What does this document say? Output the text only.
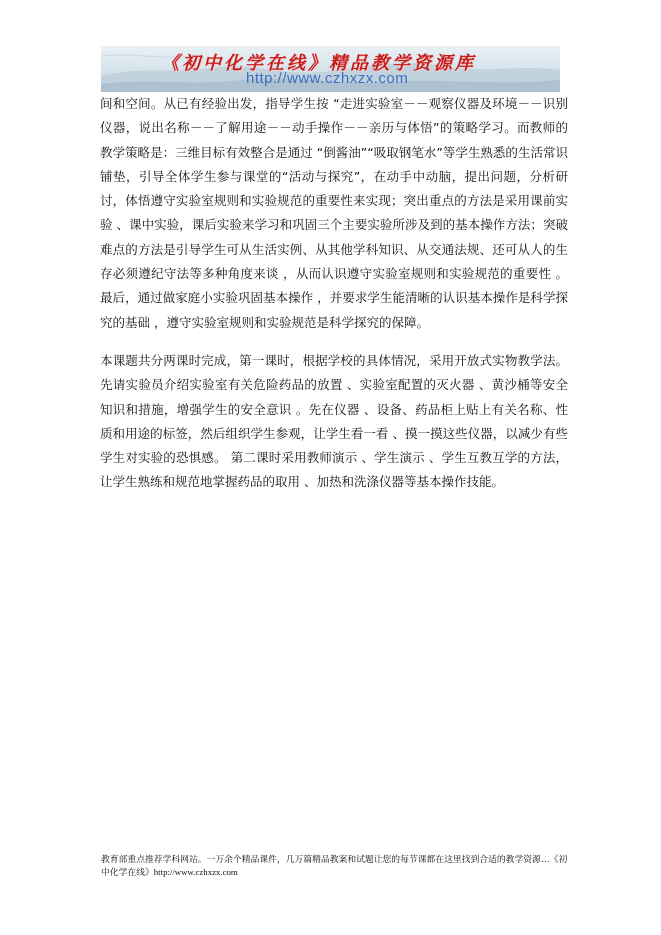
《初中化学在线》精品教学资源库
http://www.czhxzx.com

间和空间。从已有经验出发，指导学生按 “走进实验室－－观察仪器及环境－－识别仪器，说出名称－－了解用途－－动手操作－－亲历与体悟”的策略学习。而教师的教学策略是：三维目标有效整合是通过 “倒酱油”“吸取钢笔水”等学生熟悉的生活常识铺垫，引导全体学生参与课堂的“活动与探究”，在动手中动脑，提出问题，分析研讨，体悟遵守实验室规则和实验规范的重要性来实现；突出重点的方法是采用课前实验 、课中实验，课后实验来学习和巩固三个主要实验所涉及到的基本操作方法；突破难点的方法是引导学生可从生活实例、从其他学科知识、从交通法规、还可从人的生存必须遵纪守法等多种角度来谈 ，从而认识遵守实验室规则和实验规范的重要性 。最后，通过做家庭小实验巩固基本操作 ，并要求学生能清晰的认识基本操作是科学探究的基础 ，遵守实验室规则和实验规范是科学探究的保障。

本课题共分两课时完成，第一课时，根据学校的具体情况，采用开放式实物教学法。先请实验员介绍实验室有关危险药品的放置 、实验室配置的灭火器 、黄沙桶等安全知识和措施，增强学生的安全意识 。先在仪器 、设备、药品柜上贴上有关名称、性质和用途的标签，然后组织学生参观，让学生看一看 、摸一摸这些仪器，以减少有些学生对实验的恐惧感。 第二课时采用教师演示 、学生演示 、学生互教互学的方法，让学生熟练和规范地掌握药品的取用 、加热和洗涤仪器等基本操作技能。

教育部重点推荐学科网站。一万余个精品课件，几万篇精品教案和试题让您的每节课都在这里找到合适的教学资源…《初中化学在线》http://www.czhxzx.com
